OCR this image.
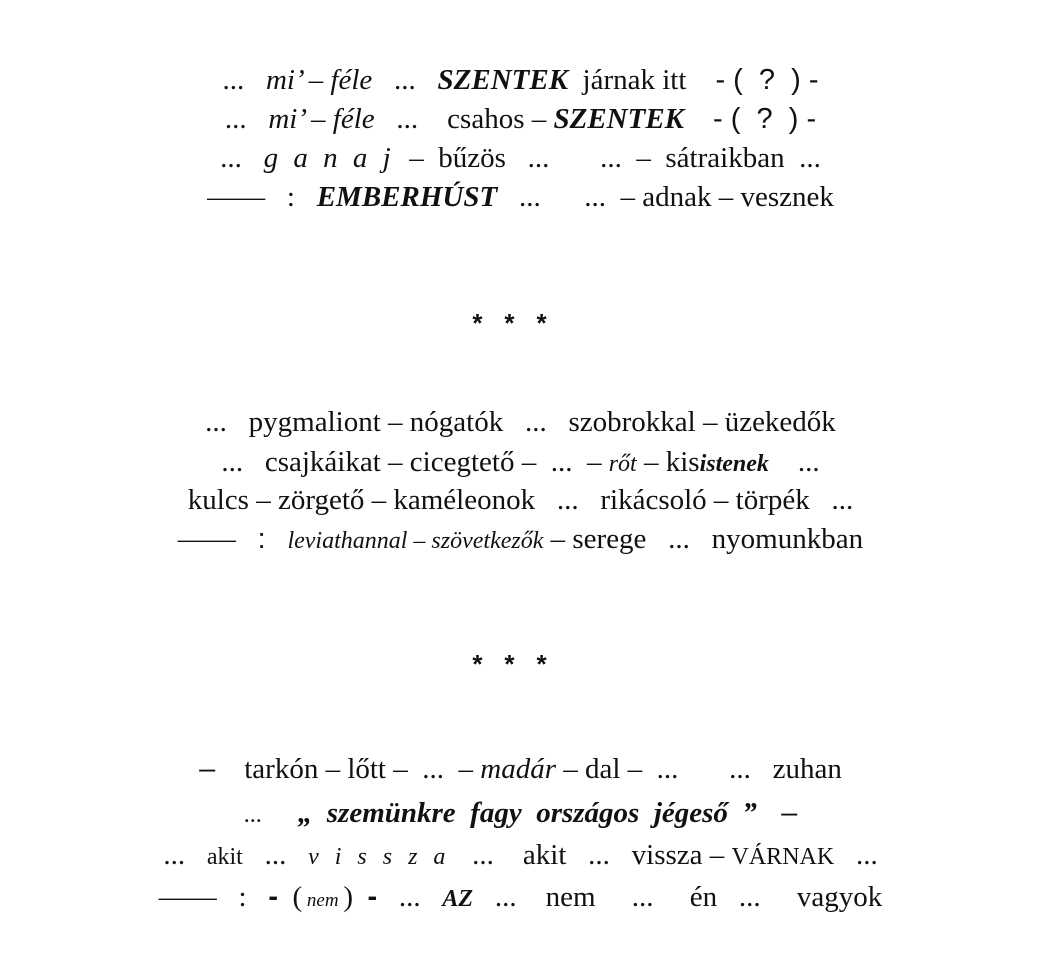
...   mi’ – féle   ...   SZENTEK  járnak itt    - (  ?  ) -
...   mi’ – féle   ...    csahos – SZENTEK - (  ?  ) -
...   g a n a j  –  bűzös   ...       ...  –  sátraikban  ...
——   :   EMBERHÚST   ...      ...  – adnak – vesznek
***
...   pygmaliont – nógatók   ...   szobrokkal – üzekedők
...   csajkáikat – cicegtető –  ...  – rőt – kisistenek    ...
kulcs – zörgető – kaméleonok   ...   rikácsoló – törpék   ...
——   : leviathannal – szövetkezők – serege   ...   nyomunkban
***
–    tarkón – lőtt –  ...  – madár – dal –  ...       ...   zuhan
...      „  szemünkre  fagy  országos  jégeső  ”   –
...   akit   ...   v i s s z a   ...    akit   ...   vissza – VÁRNAK   ...
——   :   -  ( nem )  -   ...   AZ   ...    nem     ...     én   ...     vagyok
